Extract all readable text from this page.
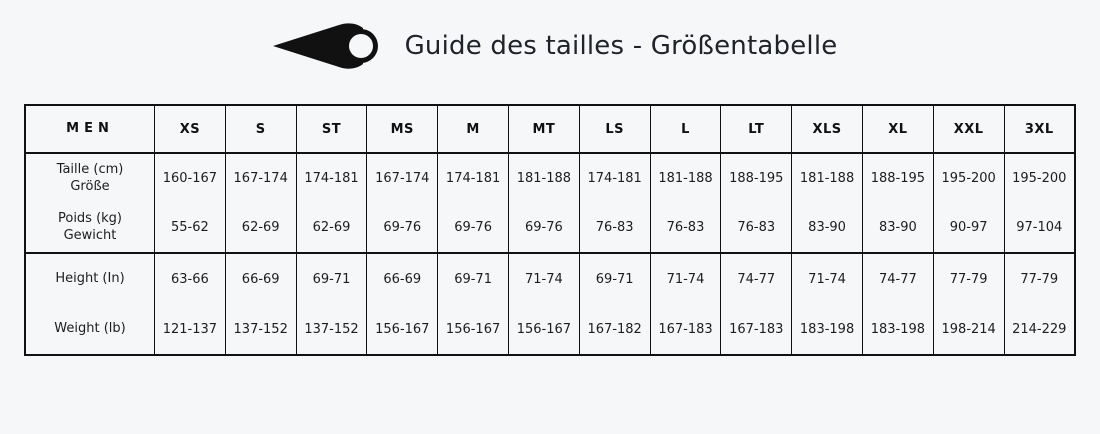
Guide des tailles - Größentabelle
MEN	XS	S	ST	MS	M	MT	LS	L	LT	XLS	XL	XXL	3XL

Taille (cm)
Größe	160-167	167-174	174-181	167-174	174-181	181-188	174-181	181-188	188-195	181-188	188-195	195-200	195-200

Poids (kg)
Gewicht	55-62	62-69	62-69	69-76	69-76	69-76	76-83	76-83	76-83	83-90	83-90	90-97	97-104

Height (In)	63-66	66-69	69-71	66-69	69-71	71-74	69-71	71-74	74-77	71-74	74-77	77-79	77-79

Weight (lb)	121-137	137-152	137-152	156-167	156-167	156-167	167-182	167-183	167-183	183-198	183-198	198-214	214-229
